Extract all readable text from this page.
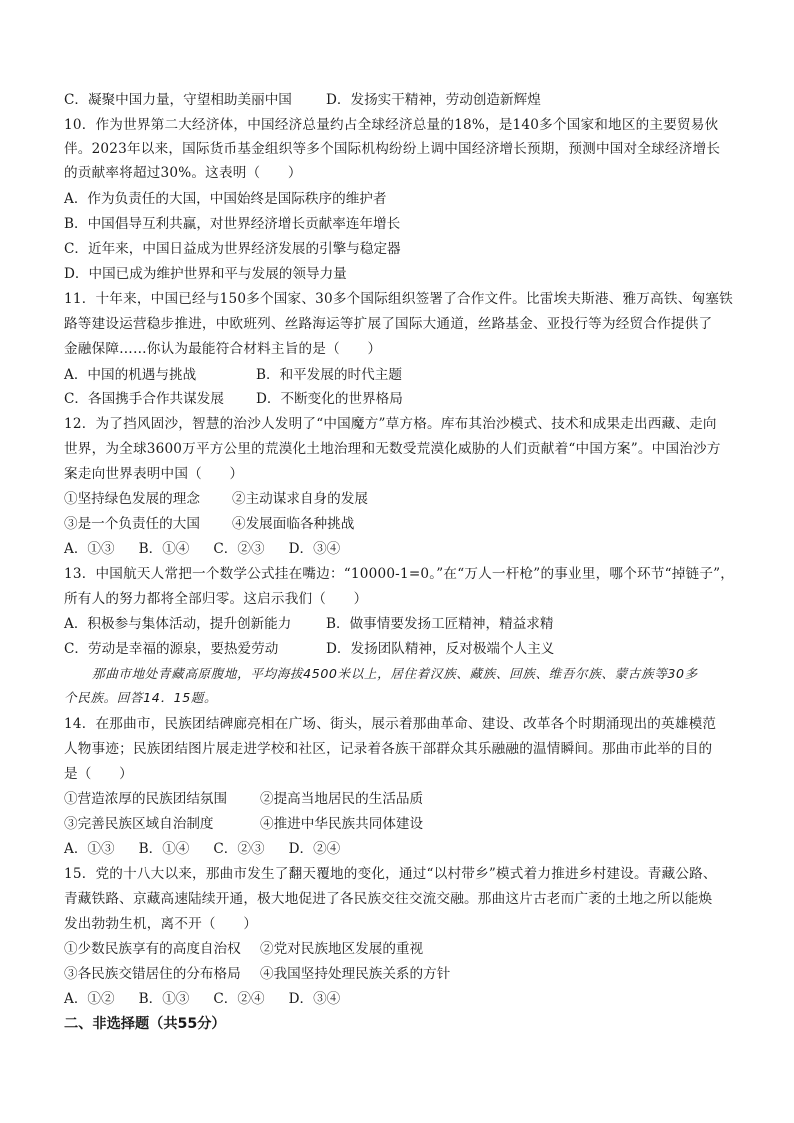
C．凝聚中国力量，守望相助美丽中国	D．发扬实干精神，劳动创造新辉煌
10．作为世界第二大经济体，中国经济总量约占全球经济总量的18%，是140多个国家和地区的主要贸易伙
伴。2023年以来，国际货币基金组织等多个国际机构纷纷上调中国经济增长预期，预测中国对全球经济增长
的贡献率将超过30%。这表明（　　）
A．作为负责任的大国，中国始终是国际秩序的维护者
B．中国倡导互利共赢，对世界经济增长贡献率连年增长
C．近年来，中国日益成为世界经济发展的引擎与稳定器
D．中国已成为维护世界和平与发展的领导力量
11．十年来，中国已经与150多个国家、30多个国际组织签署了合作文件。比雷埃夫斯港、雅万高铁、匈塞铁
路等建设运营稳步推进，中欧班列、丝路海运等扩展了国际大通道，丝路基金、亚投行等为经贸合作提供了
金融保障……你认为最能符合材料主旨的是（　　）
A．中国的机遇与挑战	B．和平发展的时代主题
C．各国携手合作共谋发展 D．不断变化的世界格局
12．为了挡风固沙，智慧的治沙人发明了“中国魔方”草方格。库布其治沙模式、技术和成果走出西藏、走向
世界，为全球3600万平方公里的荒漠化土地治理和无数受荒漠化威胁的人们贡献着“中国方案”。中国治沙方
案走向世界表明中国（　　）
①坚持绿色发展的理念 ②主动谋求自身的发展
③是一个负责任的大国 ④发展面临各种挑战
A．①③ B．①④ C．②③ D．③④
13．中国航天人常把一个数学公式挂在嘴边：“10000-1=0。”在“万人一杆枪”的事业里，哪个环节“掉链子”，
所有人的努力都将全部归零。这启示我们（　　）
A．积极参与集体活动，提升创新能力	B．做事情要发扬工匠精神，精益求精
C．劳动是幸福的源泉，要热爱劳动	D．发扬团队精神，反对极端个人主义
那曲市地处青藏高原腹地，平均海拔4500米以上，居住着汉族、藏族、回族、维吾尔族、蒙古族等30多
个民族。回答14．15题。
14．在那曲市，民族团结碑廊亮相在广场、街头，展示着那曲革命、建设、改革各个时期涌现出的英雄模范
人物事迹；民族团结图片展走进学校和社区，记录着各族干部群众其乐融融的温情瞬间。那曲市此举的目的
是（　　）
①营造浓厚的民族团结氛围 ②提高当地居民的生活品质
③完善民族区域自治制度	④推进中华民族共同体建设
A．①③ B．①④ C．②③ D．②④
15．党的十八大以来，那曲市发生了翻天覆地的变化，通过“以村带乡”模式着力推进乡村建设。青藏公路、
青藏铁路、京藏高速陆续开通，极大地促进了各民族交往交流交融。那曲这片古老而广袤的土地之所以能焕
发出勃勃生机，离不开（　　）
①少数民族享有的高度自治权 ②党对民族地区发展的重视
③各民族交错居住的分布格局 ④我国坚持处理民族关系的方针
A．①② B．①③ C．②④ D．③④
二、非选择题（共55分）
